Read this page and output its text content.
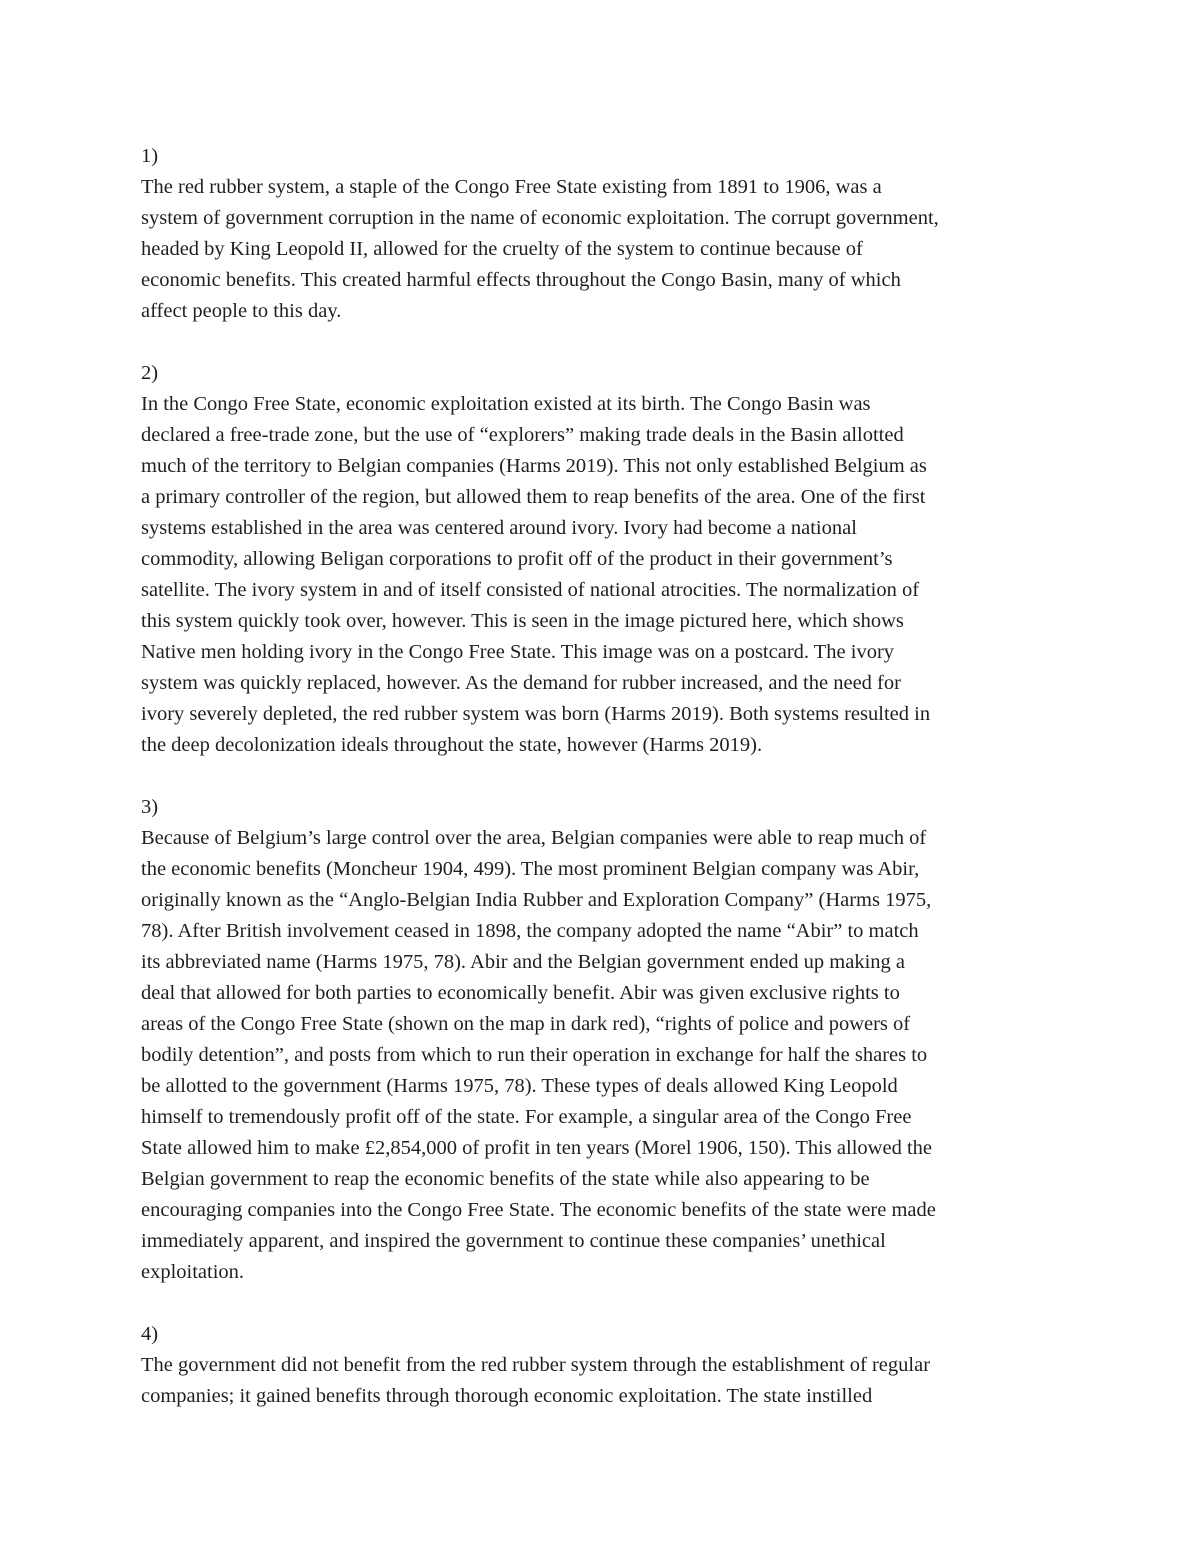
1)

The red rubber system, a staple of the Congo Free State existing from 1891 to 1906, was a
system of government corruption in the name of economic exploitation. The corrupt government,
headed by King Leopold II, allowed for the cruelty of the system to continue because of
economic benefits. This created harmful effects throughout the Congo Basin, many of which
affect people to this day.

2)

In the Congo Free State, economic exploitation existed at its birth. The Congo Basin was
declared a free-trade zone, but the use of “explorers” making trade deals in the Basin allotted
much of the territory to Belgian companies (Harms 2019). This not only established Belgium as
a primary controller of the region, but allowed them to reap benefits of the area. One of the first
systems established in the area was centered around ivory. Ivory had become a national
commodity, allowing Beligan corporations to profit off of the product in their government’s
satellite. The ivory system in and of itself consisted of national atrocities. The normalization of
this system quickly took over, however. This is seen in the image pictured here, which shows
Native men holding ivory in the Congo Free State. This image was on a postcard. The ivory
system was quickly replaced, however. As the demand for rubber increased, and the need for
ivory severely depleted, the red rubber system was born (Harms 2019). Both systems resulted in
the deep decolonization ideals throughout the state, however (Harms 2019).

3)

Because of Belgium’s large control over the area, Belgian companies were able to reap much of
the economic benefits (Moncheur 1904, 499). The most prominent Belgian company was Abir,
originally known as the “Anglo-Belgian India Rubber and Exploration Company” (Harms 1975,
78). After British involvement ceased in 1898, the company adopted the name “Abir” to match
its abbreviated name (Harms 1975, 78). Abir and the Belgian government ended up making a
deal that allowed for both parties to economically benefit. Abir was given exclusive rights to
areas of the Congo Free State (shown on the map in dark red), “rights of police and powers of
bodily detention”, and posts from which to run their operation in exchange for half the shares to
be allotted to the government (Harms 1975, 78). These types of deals allowed King Leopold
himself to tremendously profit off of the state. For example, a singular area of the Congo Free
State allowed him to make £2,854,000 of profit in ten years (Morel 1906, 150). This allowed the
Belgian government to reap the economic benefits of the state while also appearing to be
encouraging companies into the Congo Free State. The economic benefits of the state were made
immediately apparent, and inspired the government to continue these companies’ unethical
exploitation.

4)

The government did not benefit from the red rubber system through the establishment of regular
companies; it gained benefits through thorough economic exploitation. The state instilled
